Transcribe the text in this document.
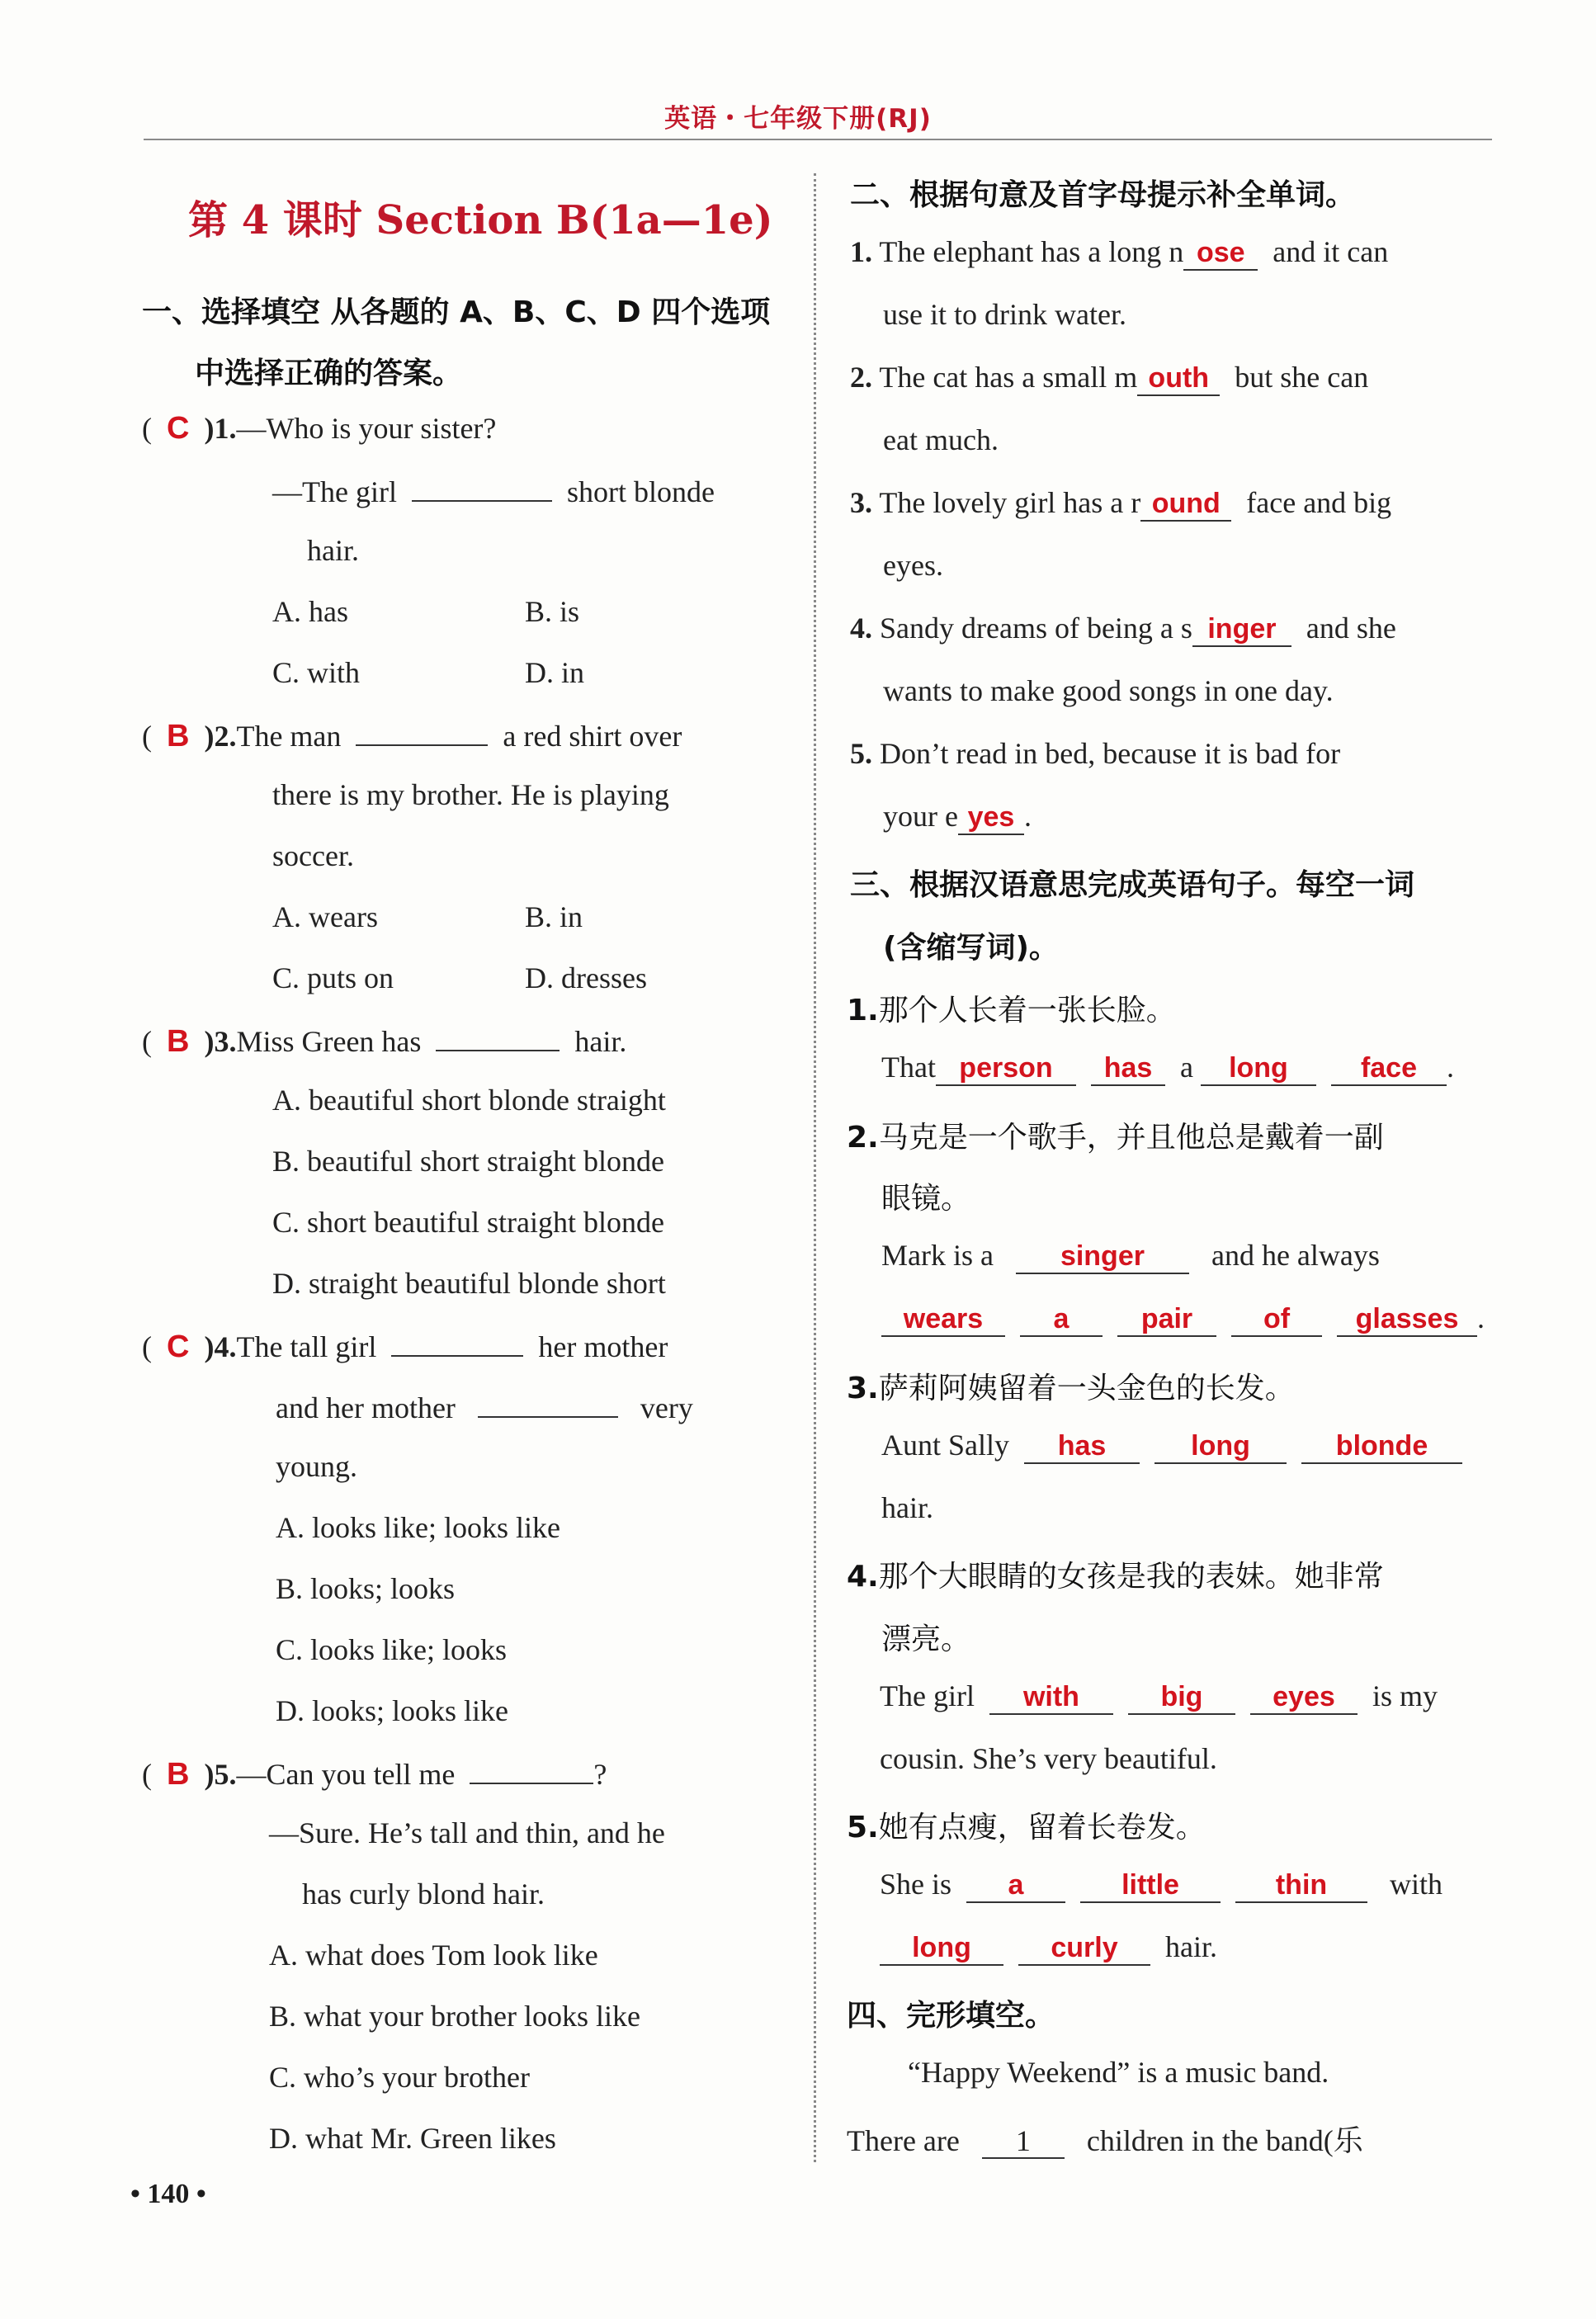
英语・七年级下册(RJ)
第 4 课时 Section B(1a—1e)
一、选择填空 从各题的 A、B、C、D 四个选项
中选择正确的答案。
(  C )1.—Who is your sister?
—The girl	short blonde
hair.
A. has	B. is
C. with	D. in
(  B )2.The man	a red shirt over
there is my brother. He is playing
soccer.
A. wears	B. in
C. puts on	D. dresses
(  B )3.Miss Green has	hair.
A. beautiful short blonde straight
B. beautiful short straight blonde
C. short beautiful straight blonde
D. straight beautiful blonde short
(  C )4.The tall girl	her mother
and her mother	very
young.
A. looks like; looks like
B. looks; looks
C. looks like; looks
D. looks; looks like
(  B )5.—Can you tell me	?
—Sure. He’s tall and thin, and he
has curly blond hair.
A. what does Tom look like
B. what your brother looks like
C. who’s your brother
D. what Mr. Green likes
• 140 •
二、根据句意及首字母提示补全单词。
1. The elephant has a long n ose and it can
use it to drink water.
2. The cat has a small m outh but she can
eat much.
3. The lovely girl has a r ound face and big
eyes.
4. Sandy dreams of being a s inger and she
wants to make good songs in one day.
5. Don’t read in bed, because it is bad for
your e yes .
三、根据汉语意思完成英语句子。每空一词
(含缩写词)。
1.那个人长着一张长脸。
That person has a long	face .
2.马克是一个歌手，并且他总是戴着一副
眼镜。
Mark is a singer and he always
wears	a	pair	of glasses .
3.萨莉阿姨留着一头金色的长发。
Aunt Sally has	long	blonde
hair.
4.那个大眼睛的女孩是我的表妹。她非常
漂亮。
The girl with	big eyes is my
cousin. She’s very beautiful.
5.她有点瘦，留着长卷发。
She is a	little	thin with
long	curly hair.
四、完形填空。
“Happy Weekend” is a music band.
There are 1 children in the band(乐
